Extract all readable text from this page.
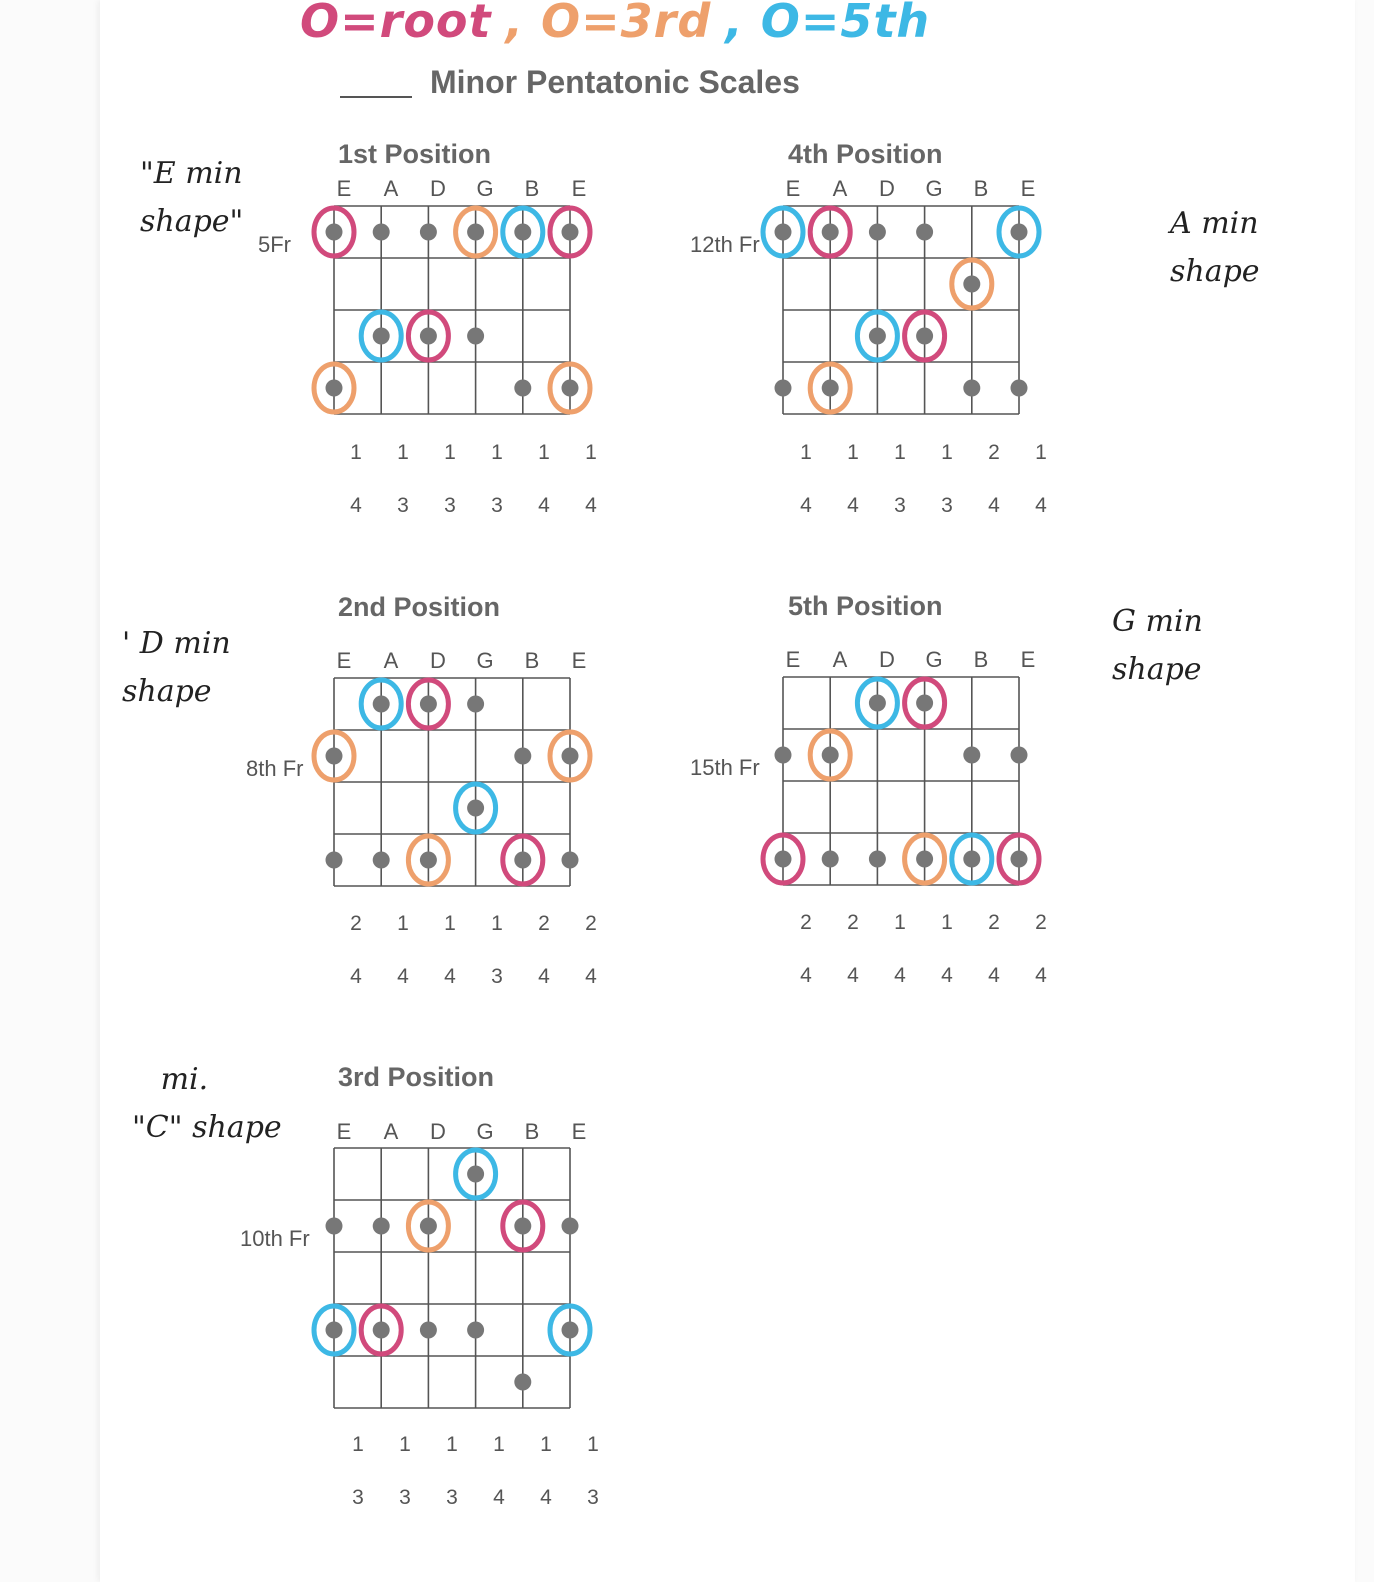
O=root , O=3rd , O=5th
Minor Pentatonic Scales
1st Position
E A D G B E
5Fr
1 1 1 1 1 1
4 3 3 3 4 4
"E min
shape"
4th Position
E A D G B E
12th Fr
1 1 1 1 2 1
4 4 3 3 4 4
A min
shape
2nd Position
E A D G B E
8th Fr
2 1 1 1 2 2
4 4 4 3 4 4
' D min
shape
5th Position
E A D G B E
15th Fr
2 2 1 1 2 2
4 4 4 4 4 4
G min
shape
3rd Position
E A D G B E
10th Fr
1 1 1 1 1 1
3 3 3 4 4 3
mi.
"C" shape
